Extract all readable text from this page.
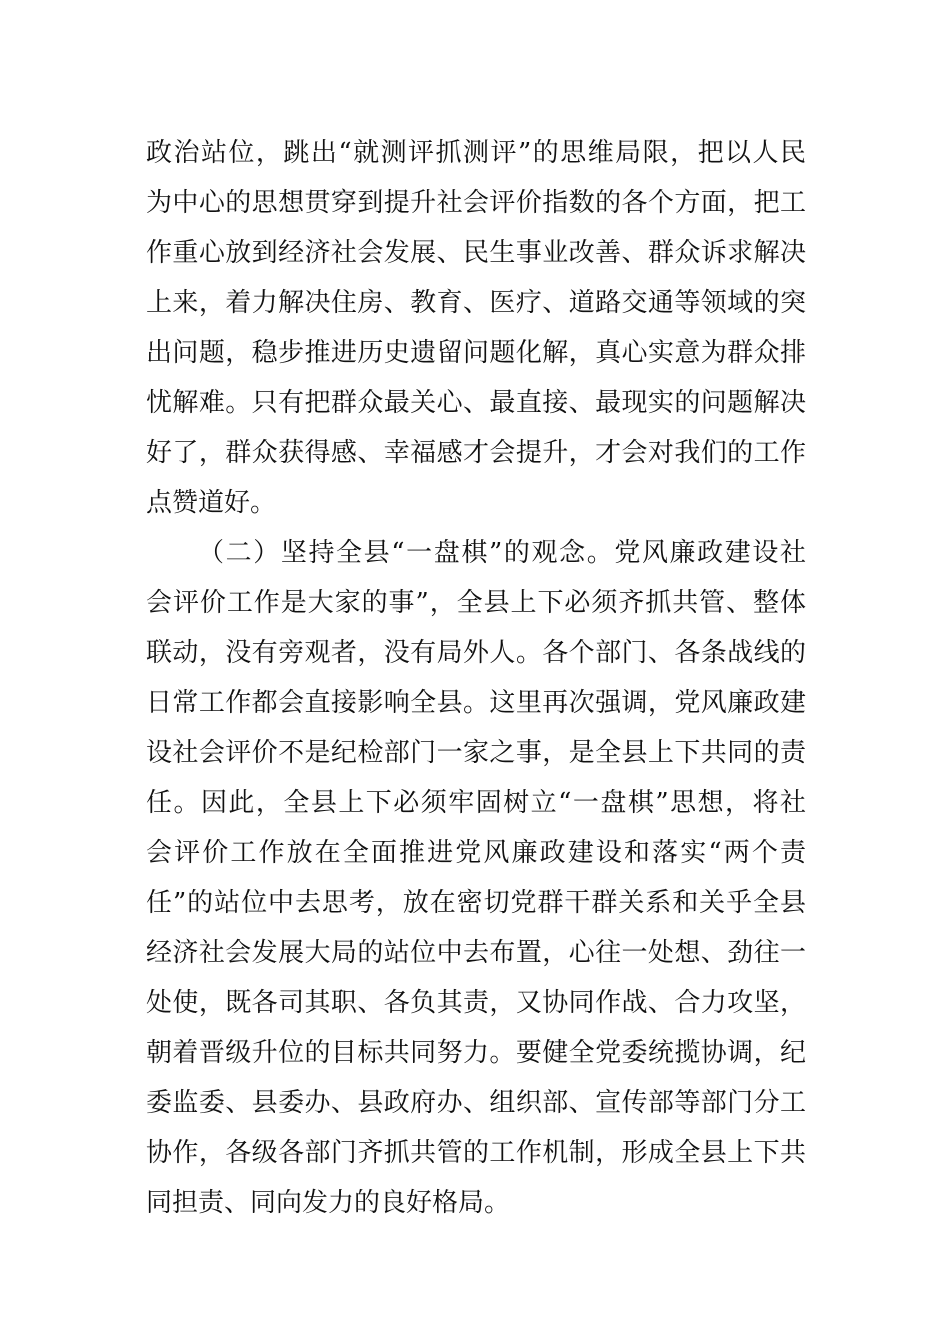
政治站位，跳出“就测评抓测评”的思维局限，把以人民
为中心的思想贯穿到提升社会评价指数的各个方面，把工
作重心放到经济社会发展、民生事业改善、群众诉求解决
上来，着力解决住房、教育、医疗、道路交通等领域的突
出问题，稳步推进历史遗留问题化解，真心实意为群众排
忧解难。只有把群众最关心、最直接、最现实的问题解决
好了，群众获得感、幸福感才会提升，才会对我们的工作
点赞道好。
（二）坚持全县“一盘棋”的观念。党风廉政建设社
会评价工作是大家的事”，全县上下必须齐抓共管、整体
联动，没有旁观者，没有局外人。各个部门、各条战线的
日常工作都会直接影响全县。这里再次强调，党风廉政建
设社会评价不是纪检部门一家之事，是全县上下共同的责
任。因此，全县上下必须牢固树立“一盘棋”思想，将社
会评价工作放在全面推进党风廉政建设和落实“两个责
任”的站位中去思考，放在密切党群干群关系和关乎全县
经济社会发展大局的站位中去布置，心往一处想、劲往一
处使，既各司其职、各负其责，又协同作战、合力攻坚，
朝着晋级升位的目标共同努力。要健全党委统揽协调，纪
委监委、县委办、县政府办、组织部、宣传部等部门分工
协作，各级各部门齐抓共管的工作机制，形成全县上下共
同担责、同向发力的良好格局。
